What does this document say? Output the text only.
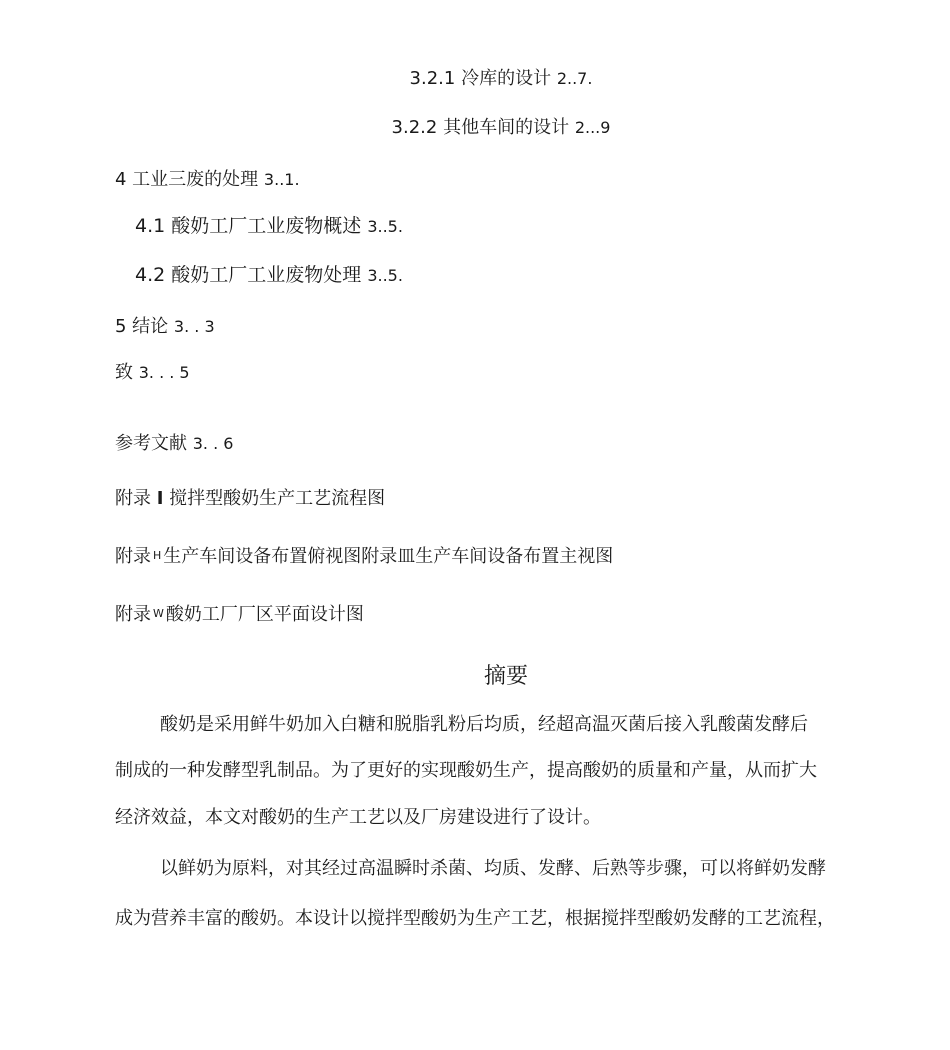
3.2.1 冷库的设计 2..7.
3.2.2 其他车间的设计 2...9
4 工业三废的处理 3..1.
4.1 酸奶工厂工业废物概述 3..5.
4.2 酸奶工厂工业废物处理 3..5.
5 结论 3. . 3
致 3. . . 5
参考文献 3. . 6
附录 I 搅拌型酸奶生产工艺流程图
附录 $^H$ 生产车间设备布置俯视图附录皿生产车间设备布置主视图
附录 $^W$ 酸奶工厂厂区平面设计图
摘要
酸奶是采用鲜牛奶加入白糖和脱脂乳粉后均质，经超高温灭菌后接入乳酸菌发酵后
制成的一种发酵型乳制品。为了更好的实现酸奶生产，提高酸奶的质量和产量，从而扩大
经济效益，本文对酸奶的生产工艺以及厂房建设进行了设计。
以鲜奶为原料，对其经过高温瞬时杀菌、均质、发酵、后熟等步骤，可以将鲜奶发酵
成为营养丰富的酸奶。本设计以搅拌型酸奶为生产工艺，根据搅拌型酸奶发酵的工艺流程，
